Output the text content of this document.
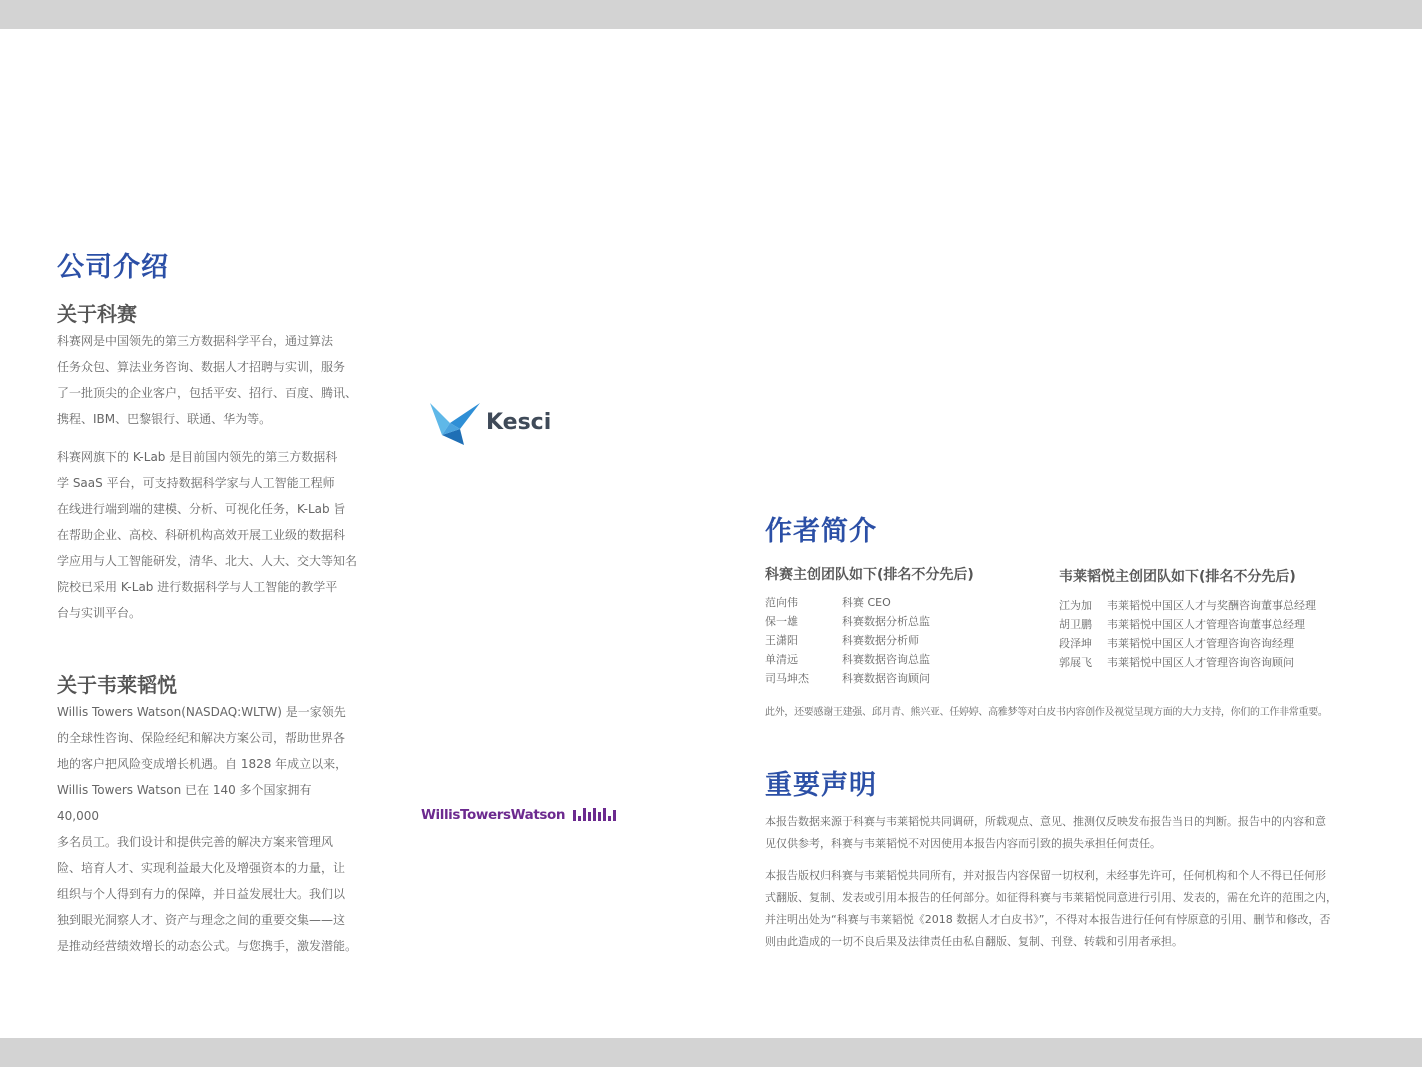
公司介绍
关于科赛

科赛网是中国领先的第三方数据科学平台，通过算法

任务众包、算法业务咨询、数据人才招聘与实训，服务

了一批顶尖的企业客户，包括平安、招行、百度、腾讯、

携程、IBM、巴黎银行、联通、华为等。

科赛网旗下的 K-Lab 是目前国内领先的第三方数据科

学 SaaS 平台，可支持数据科学家与人工智能工程师

在线进行端到端的建模、分析、可视化任务，K-Lab 旨

在帮助企业、高校、科研机构高效开展工业级的数据科

学应用与人工智能研发，清华、北大、人大、交大等知名

院校已采用 K-Lab 进行数据科学与人工智能的教学平

台与实训平台。

Kesci
关于韦莱韬悦

Willis Towers Watson(NASDAQ:WLTW) 是一家领先

的全球性咨询、保险经纪和解决方案公司，帮助世界各

地的客户把风险变成增长机遇。自 1828 年成立以来，

Willis Towers Watson 已在 140 多个国家拥有 40,000

多名员工。我们设计和提供完善的解决方案来管理风

险、培育人才、实现利益最大化及增强资本的力量，让

组织与个人得到有力的保障，并日益发展壮大。我们以

独到眼光洞察人才、资产与理念之间的重要交集——这

是推动经营绩效增长的动态公式。与您携手，激发潜能。

WillisTowersWatson
作者简介
科赛主创团队如下(排名不分先后)
范向伟	科赛 CEO
保一雄	科赛数据分析总监
王潇阳	科赛数据分析师
单清远	科赛数据咨询总监
司马坤杰	科赛数据咨询顾问
韦莱韬悦主创团队如下(排名不分先后)
江为加	韦莱韬悦中国区人才与奖酬咨询董事总经理
胡卫鹏	韦莱韬悦中国区人才管理咨询董事总经理
段泽坤	韦莱韬悦中国区人才管理咨询咨询经理
郭展飞	韦莱韬悦中国区人才管理咨询咨询顾问
此外，还要感谢王建强、邱月青、熊兴亚、任婷婷、高雅梦等对白皮书内容创作及视觉呈现方面的大力支持，你们的工作非常重要。
重要声明

本报告数据来源于科赛与韦莱韬悦共同调研，所载观点、意见、推测仅反映发布报告当日的判断。报告中的内容和意

见仅供参考，科赛与韦莱韬悦不对因使用本报告内容而引致的损失承担任何责任。

本报告版权归科赛与韦莱韬悦共同所有，并对报告内容保留一切权利，未经事先许可，任何机构和个人不得已任何形

式翻版、复制、发表或引用本报告的任何部分。如征得科赛与韦莱韬悦同意进行引用、发表的，需在允许的范围之内，

并注明出处为“科赛与韦莱韬悦《2018 数据人才白皮书》”，不得对本报告进行任何有悖原意的引用、删节和修改，否

则由此造成的一切不良后果及法律责任由私自翻版、复制、刊登、转载和引用者承担。
